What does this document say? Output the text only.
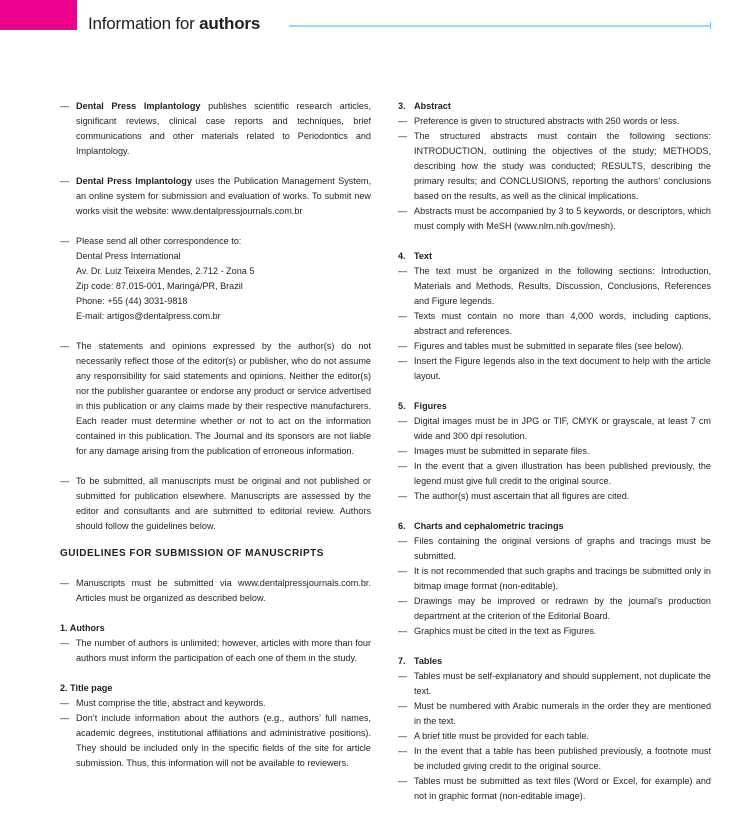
Information for authors
— Dental Press Implantology publishes scientific research articles, significant reviews, clinical case reports and techniques, brief communications and other materials related to Periodontics and Implantology.
— Dental Press Implantology uses the Publication Management System, an online system for submission and evaluation of works. To submit new works visit the website: www.dentalpressjournals.com.br
— Please send all other correspondence to:
Dental Press International
Av. Dr. Luiz Teixeira Mendes, 2.712 - Zona 5
Zip code: 87.015-001, Maringá/PR, Brazil
Phone: +55 (44) 3031-9818
E-mail: artigos@dentalpress.com.br
— The statements and opinions expressed by the author(s) do not necessarily reflect those of the editor(s) or publisher, who do not assume any responsibility for said statements and opinions. Neither the editor(s) nor the publisher guarantee or endorse any product or service advertised in this publication or any claims made by their respective manufacturers. Each reader must determine whether or not to act on the information contained in this publication. The Journal and its sponsors are not liable for any damage arising from the publication of erroneous information.
— To be submitted, all manuscripts must be original and not published or submitted for publication elsewhere. Manuscripts are assessed by the editor and consultants and are submitted to editorial review. Authors should follow the guidelines below.
GUIDELINES FOR SUBMISSION OF MANUSCRIPTS
— Manuscripts must be submitted via www.dentalpressjournals.com.br. Articles must be organized as described below.
1. Authors
— The number of authors is unlimited; however, articles with more than four authors must inform the participation of each one of them in the study.
2. Title page
— Must comprise the title, abstract and keywords.
— Don’t include information about the authors (e.g., authors’ full names, academic degrees, institutional affiliations and administrative positions). They should be included only in the specific fields of the site for article submission. Thus, this information will not be available to reviewers.
3. Abstract
— Preference is given to structured abstracts with 250 words or less.
— The structured abstracts must contain the following sections: INTRODUCTION, outlining the objectives of the study; METHODS, describing how the study was conducted; RESULTS, describing the primary results; and CONCLUSIONS, reporting the authors’ conclusions based on the results, as well as the clinical implications.
— Abstracts must be accompanied by 3 to 5 keywords, or descriptors, which must comply with MeSH (www.nlm.nih.gov/mesh).
4. Text
— The text must be organized in the following sections: Introduction, Materials and Methods, Results, Discussion, Conclusions, References and Figure legends.
— Texts must contain no more than 4,000 words, including captions, abstract and references.
— Figures and tables must be submitted in separate files (see below).
— Insert the Figure legends also in the text document to help with the article layout.
5. Figures
— Digital images must be in JPG or TIF, CMYK or grayscale, at least 7 cm wide and 300 dpi resolution.
— Images must be submitted in separate files.
— In the event that a given illustration has been published previously, the legend must give full credit to the original source.
— The author(s) must ascertain that all figures are cited.
6. Charts and cephalometric tracings
— Files containing the original versions of graphs and tracings must be submitted.
— It is not recommended that such graphs and tracings be submitted only in bitmap image format (non-editable).
— Drawings may be improved or redrawn by the journal’s production department at the criterion of the Editorial Board.
— Graphics must be cited in the text as Figures.
7. Tables
— Tables must be self-explanatory and should supplement, not duplicate the text.
— Must be numbered with Arabic numerals in the order they are mentioned in the text.
— A brief title must be provided for each table.
— In the event that a table has been published previously, a footnote must be included giving credit to the original source.
— Tables must be submitted as text files (Word or Excel, for example) and not in graphic format (non-editable image).
